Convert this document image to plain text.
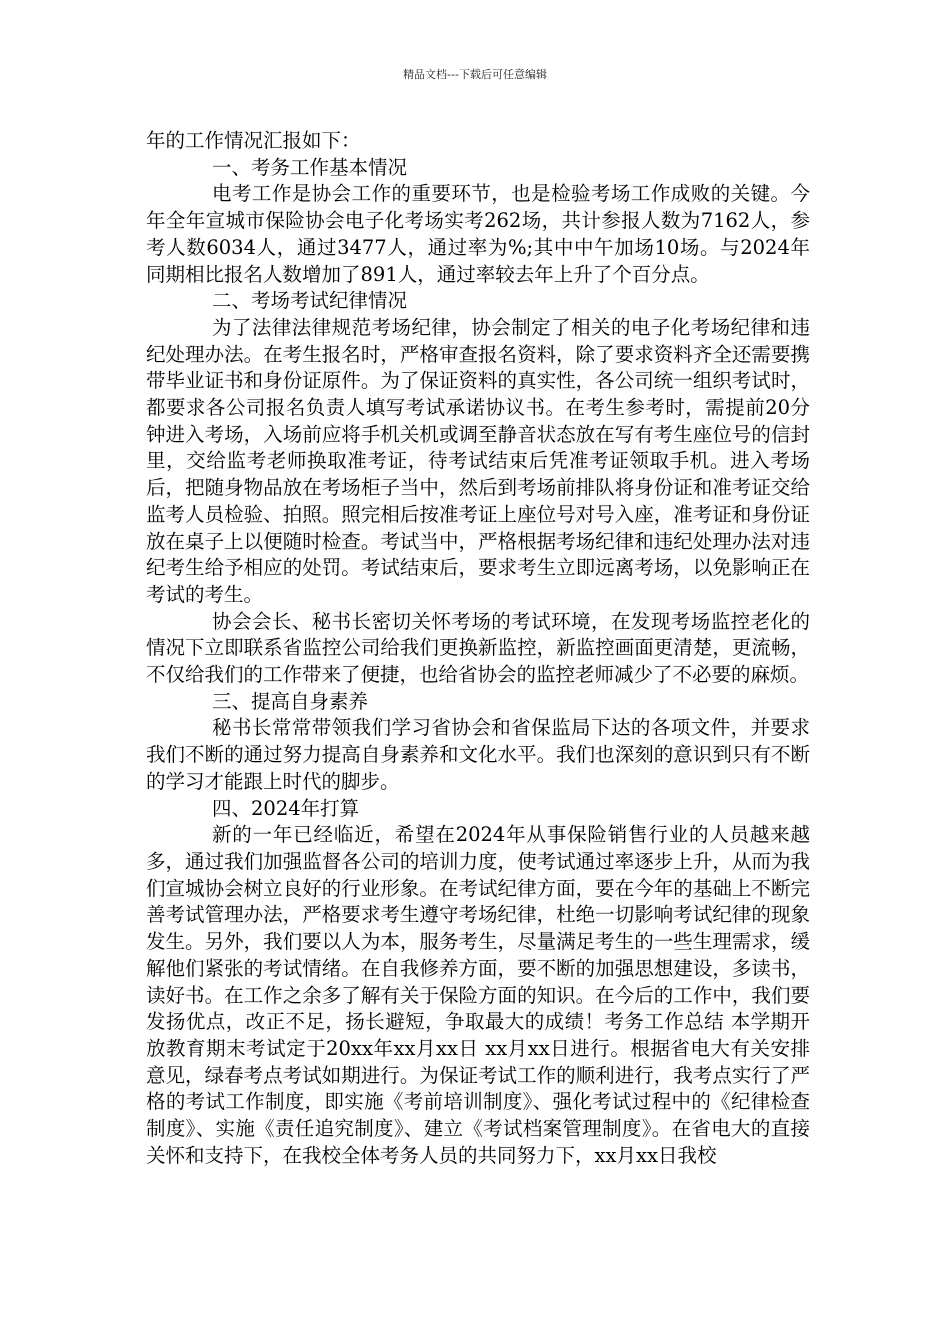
精品文档---下载后可任意编辑

年的工作情况汇报如下：

一、考务工作基本情况

电考工作是协会工作的重要环节，也是检验考场工作成败的关键。今年全年宣城市保险协会电子化考场实考262场，共计参报人数为7162人，参考人数6034人，通过3477人，通过率为%;其中中午加场10场。与2024年同期相比报名人数增加了891人，通过率较去年上升了个百分点。

二、考场考试纪律情况

为了法律法律规范考场纪律，协会制定了相关的电子化考场纪律和违纪处理办法。在考生报名时，严格审查报名资料，除了要求资料齐全还需要携带毕业证书和身份证原件。为了保证资料的真实性，各公司统一组织考试时，都要求各公司报名负责人填写考试承诺协议书。在考生参考时，需提前20分钟进入考场，入场前应将手机关机或调至静音状态放在写有考生座位号的信封里，交给监考老师换取准考证，待考试结束后凭准考证领取手机。进入考场后，把随身物品放在考场柜子当中，然后到考场前排队将身份证和准考证交给监考人员检验、拍照。照完相后按准考证上座位号对号入座，准考证和身份证放在桌子上以便随时检查。考试当中，严格根据考场纪律和违纪处理办法对违纪考生给予相应的处罚。考试结束后，要求考生立即远离考场，以免影响正在考试的考生。

协会会长、秘书长密切关怀考场的考试环境，在发现考场监控老化的情况下立即联系省监控公司给我们更换新监控，新监控画面更清楚，更流畅，不仅给我们的工作带来了便捷，也给省协会的监控老师减少了不必要的麻烦。

三、提高自身素养

秘书长常常带领我们学习省协会和省保监局下达的各项文件，并要求我们不断的通过努力提高自身素养和文化水平。我们也深刻的意识到只有不断的学习才能跟上时代的脚步。

四、2024年打算

新的一年已经临近，希望在2024年从事保险销售行业的人员越来越多，通过我们加强监督各公司的培训力度，使考试通过率逐步上升，从而为我们宣城协会树立良好的行业形象。在考试纪律方面，要在今年的基础上不断完善考试管理办法，严格要求考生遵守考场纪律，杜绝一切影响考试纪律的现象发生。另外，我们要以人为本，服务考生，尽量满足考生的一些生理需求，缓解他们紧张的考试情绪。在自我修养方面，要不断的加强思想建设，多读书，读好书。在工作之余多了解有关于保险方面的知识。在今后的工作中，我们要发扬优点，改正不足，扬长避短，争取最大的成绩！考务工作总结 本学期开放教育期末考试定于20xx年xx月xx日 xx月xx日进行。根据省电大有关安排意见，绿春考点考试如期进行。为保证考试工作的顺利进行，我考点实行了严格的考试工作制度，即实施《考前培训制度》、强化考试过程中的《纪律检查制度》、实施《责任追究制度》、建立《考试档案管理制度》。在省电大的直接关怀和支持下，在我校全体考务人员的共同努力下，xx月xx日我校
